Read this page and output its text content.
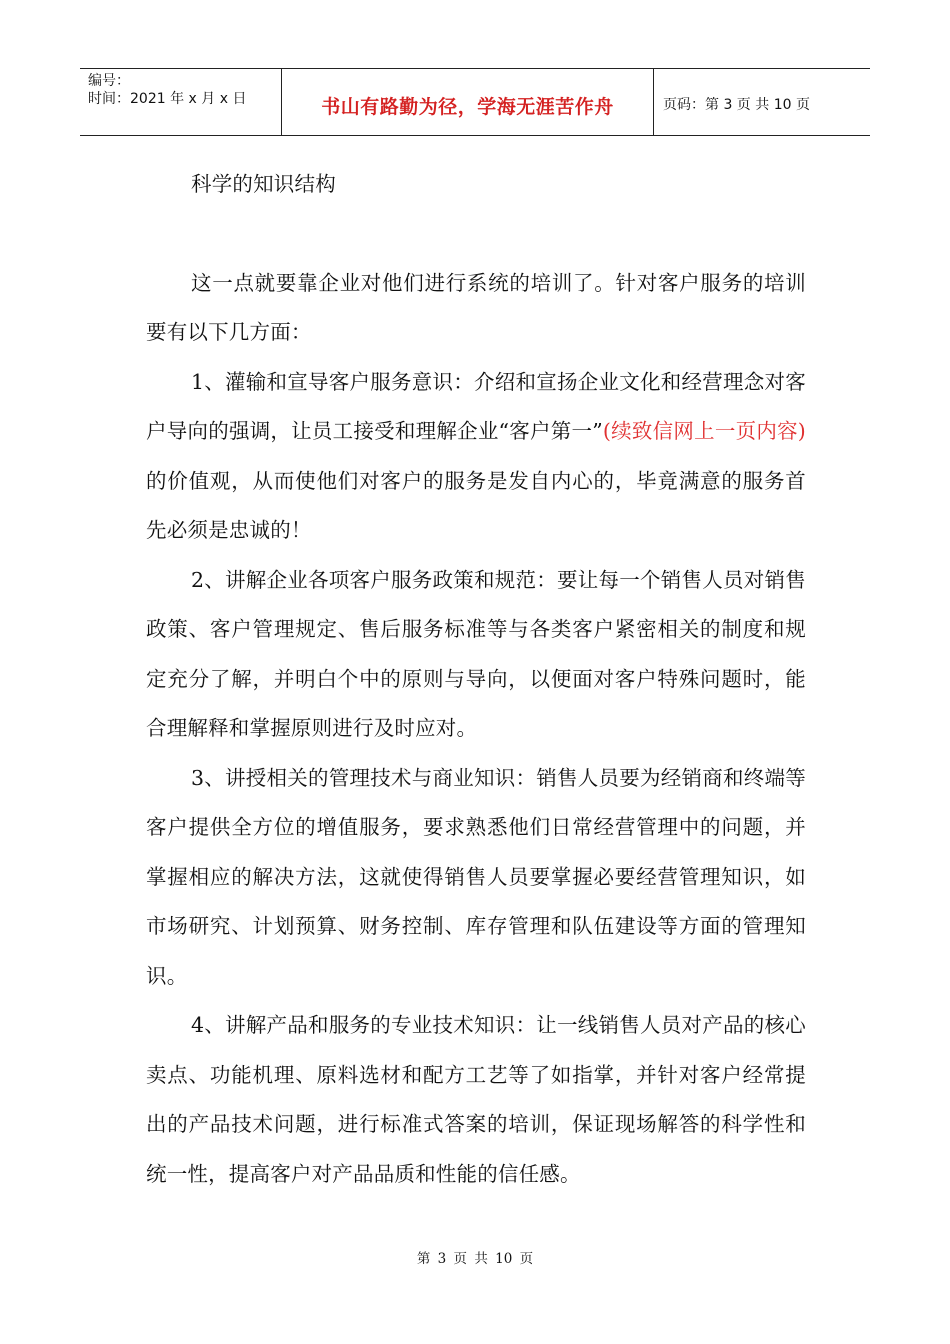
编号：
时间：2021 年 x 月 x 日	书山有路勤为径，学海无涯苦作舟	页码：第 3 页 共 10 页

科学的知识结构

这一点就要靠企业对他们进行系统的培训了。针对客户服务的培训要有以下几方面：

1、灌输和宣导客户服务意识：介绍和宣扬企业文化和经营理念对客户导向的强调，让员工接受和理解企业“客户第一”(续致信网上一页内容)的价值观，从而使他们对客户的服务是发自内心的，毕竟满意的服务首先必须是忠诚的！

2、讲解企业各项客户服务政策和规范：要让每一个销售人员对销售政策、客户管理规定、售后服务标准等与各类客户紧密相关的制度和规定充分了解，并明白个中的原则与导向，以便面对客户特殊问题时，能合理解释和掌握原则进行及时应对。

3、讲授相关的管理技术与商业知识：销售人员要为经销商和终端等客户提供全方位的增值服务，要求熟悉他们日常经营管理中的问题，并掌握相应的解决方法，这就使得销售人员要掌握必要经营管理知识，如市场研究、计划预算、财务控制、库存管理和队伍建设等方面的管理知识。

4、讲解产品和服务的专业技术知识：让一线销售人员对产品的核心卖点、功能机理、原料选材和配方工艺等了如指掌，并针对客户经常提出的产品技术问题，进行标准式答案的培训，保证现场解答的科学性和统一性，提高客户对产品品质和性能的信任感。

第 3 页 共 10 页
